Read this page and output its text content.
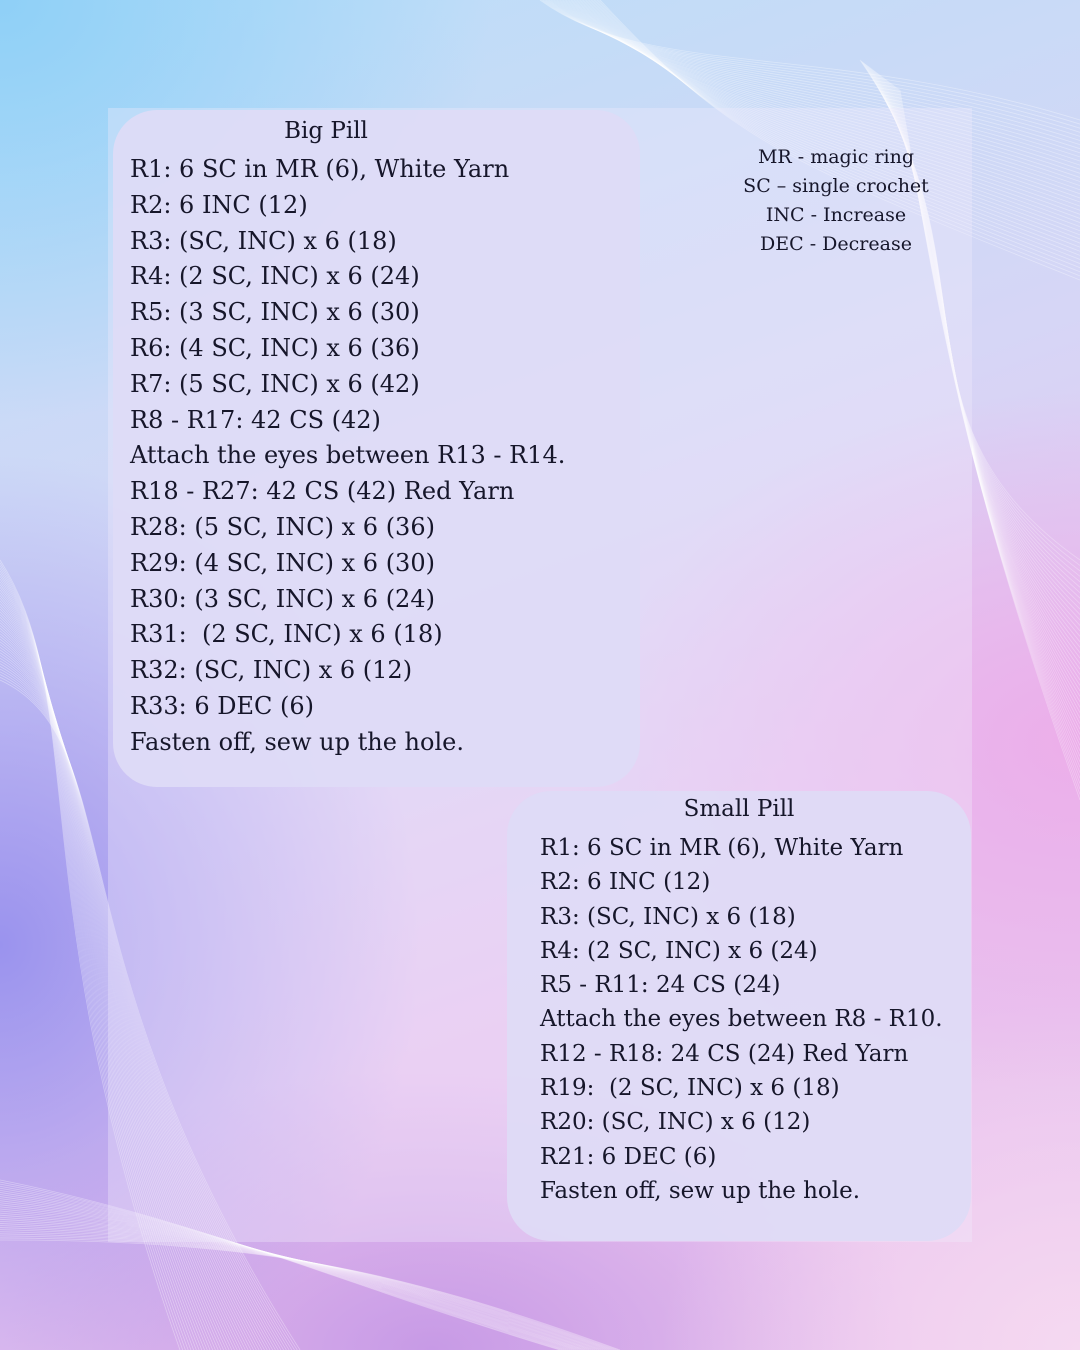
Big Pill
R1: 6 SC in MR (6), White Yarn
R2: 6 INC (12)
R3: (SC, INC) x 6 (18)
R4: (2 SC, INC) x 6 (24)
R5: (3 SC, INC) x 6 (30)
R6: (4 SC, INC) x 6 (36)
R7: (5 SC, INC) x 6 (42)
R8 - R17: 42 CS (42)
Attach the eyes between R13 - R14.
R18 - R27: 42 CS (42) Red Yarn
R28: (5 SC, INC) x 6 (36)
R29: (4 SC, INC) x 6 (30)
R30: (3 SC, INC) x 6 (24)
R31:  (2 SC, INC) x 6 (18)
R32: (SC, INC) x 6 (12)
R33: 6 DEC (6)
Fasten off, sew up the hole.
MR - magic ring
SC – single crochet
INC - Increase
DEC - Decrease
Small Pill
R1: 6 SC in MR (6), White Yarn
R2: 6 INC (12)
R3: (SC, INC) x 6 (18)
R4: (2 SC, INC) x 6 (24)
R5 - R11: 24 CS (24)
Attach the eyes between R8 - R10.
R12 - R18: 24 CS (24) Red Yarn
R19:  (2 SC, INC) x 6 (18)
R20: (SC, INC) x 6 (12)
R21: 6 DEC (6)
Fasten off, sew up the hole.
